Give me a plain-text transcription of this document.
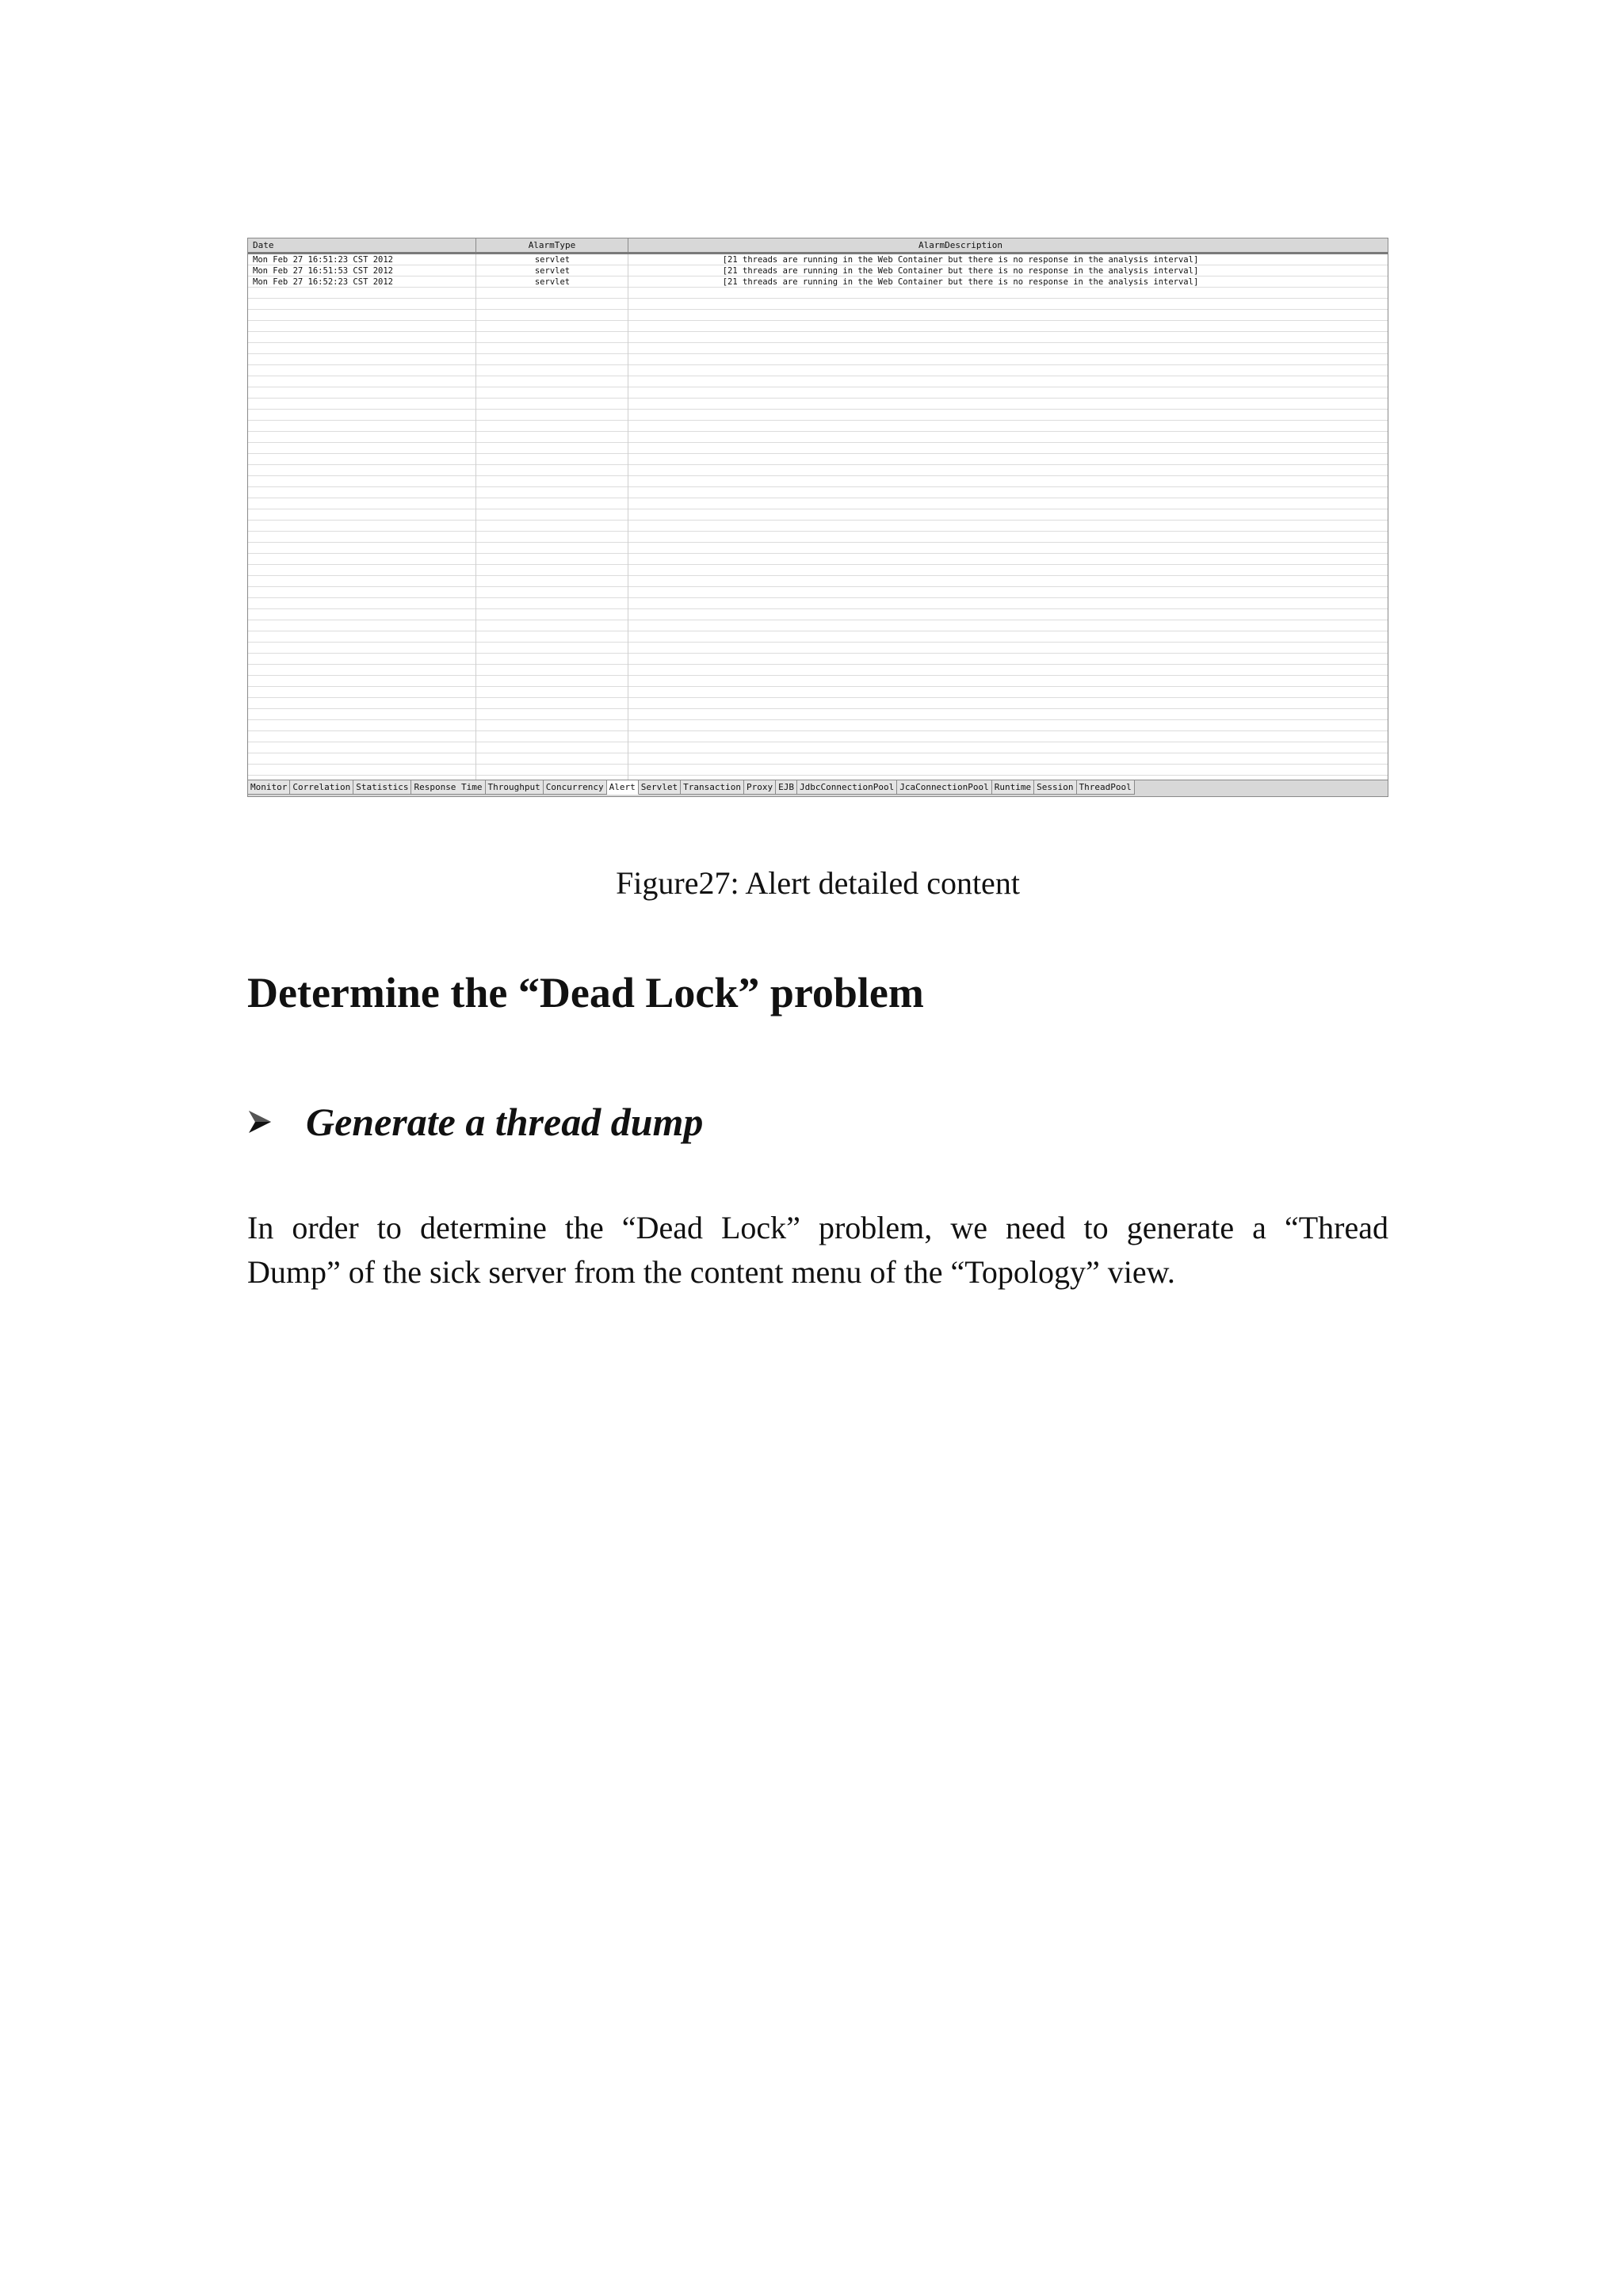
Date	AlarmType	AlarmDescription
Mon Feb 27 16:51:23 CST 2012	servlet	[21 threads are running in the Web Container but there is no response in the analysis interval]
Mon Feb 27 16:51:53 CST 2012	servlet	[21 threads are running in the Web Container but there is no response in the analysis interval]
Mon Feb 27 16:52:23 CST 2012	servlet	[21 threads are running in the Web Container but there is no response in the analysis interval]
Monitor Correlation Statistics Response Time Throughput Concurrency Alert Servlet Transaction Proxy EJB JdbcConnectionPool JcaConnectionPool Runtime Session ThreadPool
Figure27: Alert detailed content
Determine the “Dead Lock” problem
Generate a thread dump
In order to determine the “Dead Lock” problem, we need to generate a “Thread
Dump” of the sick server from the content menu of the “Topology” view.
